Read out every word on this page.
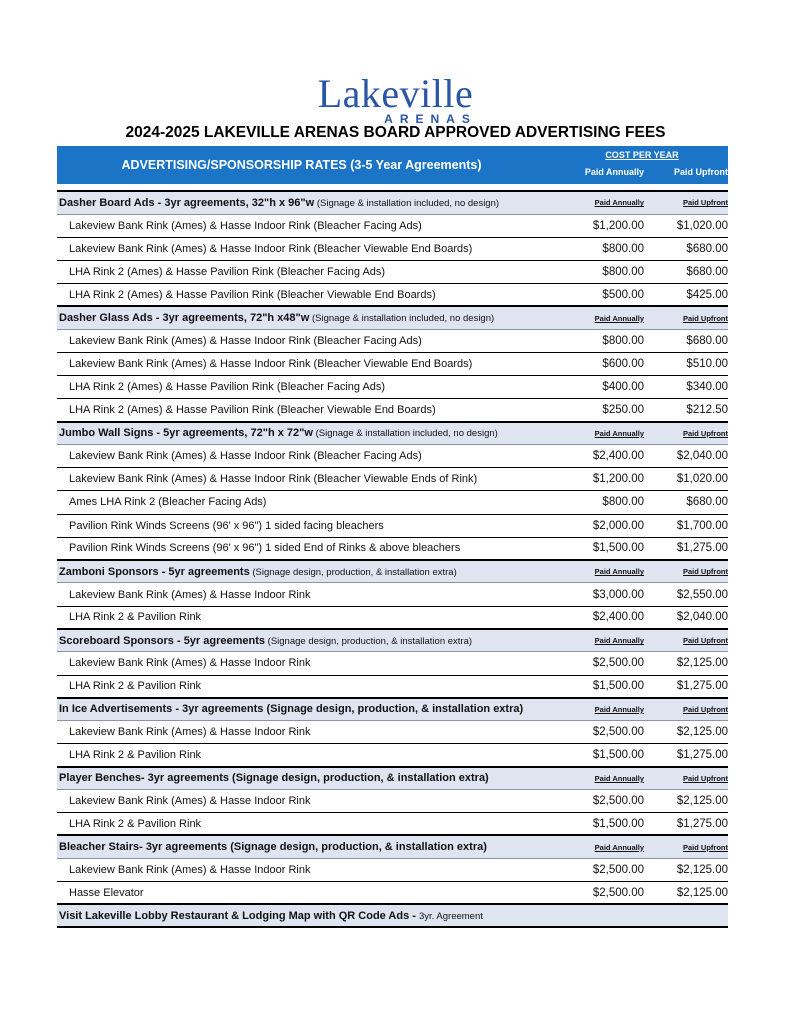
Lakeville
ARENAS
2024-2025 LAKEVILLE ARENAS BOARD APPROVED ADVERTISING FEES
ADVERTISING/SPONSORSHIP RATES (3-5 Year Agreements)
COST PER YEAR
Paid Annually	Paid Upfront
Dasher Board Ads - 3yr agreements, 32"h x 96"w (Signage & installation included, no design)	Paid Annually	Paid Upfront
Lakeview Bank Rink (Ames) & Hasse Indoor Rink (Bleacher Facing Ads)	$1,200.00	$1,020.00
Lakeview Bank Rink (Ames) & Hasse Indoor Rink (Bleacher Viewable End Boards)	$800.00	$680.00
LHA Rink 2 (Ames) & Hasse Pavilion Rink (Bleacher Facing Ads)	$800.00	$680.00
LHA Rink 2 (Ames) & Hasse Pavilion Rink (Bleacher Viewable End Boards)	$500.00	$425.00
Dasher Glass Ads - 3yr agreements, 72"h x48"w (Signage & installation included, no design)	Paid Annually	Paid Upfront
Lakeview Bank Rink (Ames) & Hasse Indoor Rink (Bleacher Facing Ads)	$800.00	$680.00
Lakeview Bank Rink (Ames) & Hasse Indoor Rink (Bleacher Viewable End Boards)	$600.00	$510.00
LHA Rink 2 (Ames) & Hasse Pavilion Rink (Bleacher Facing Ads)	$400.00	$340.00
LHA Rink 2 (Ames) & Hasse Pavilion Rink (Bleacher Viewable End Boards)	$250.00	$212.50
Jumbo Wall Signs - 5yr agreements, 72"h x 72"w (Signage & installation included, no design)	Paid Annually	Paid Upfront
Lakeview Bank Rink (Ames) & Hasse Indoor Rink (Bleacher Facing Ads)	$2,400.00	$2,040.00
Lakeview Bank Rink (Ames) & Hasse Indoor Rink (Bleacher Viewable Ends of Rink)	$1,200.00	$1,020.00
Ames LHA Rink 2 (Bleacher Facing Ads)	$800.00	$680.00
Pavilion Rink Winds Screens (96' x 96") 1 sided facing bleachers	$2,000.00	$1,700.00
Pavilion Rink Winds Screens (96' x 96") 1 sided End of Rinks & above bleachers	$1,500.00	$1,275.00
Zamboni Sponsors - 5yr agreements (Signage design, production, & installation extra)	Paid Annually	Paid Upfront
Lakeview Bank Rink (Ames) & Hasse Indoor Rink	$3,000.00	$2,550.00
LHA Rink 2 & Pavilion Rink	$2,400.00	$2,040.00
Scoreboard Sponsors - 5yr agreements (Signage design, production, & installation extra)	Paid Annually	Paid Upfront
Lakeview Bank Rink (Ames) & Hasse Indoor Rink	$2,500.00	$2,125.00
LHA Rink 2 & Pavilion Rink	$1,500.00	$1,275.00
In Ice Advertisements - 3yr agreements (Signage design, production, & installation extra)	Paid Annually	Paid Upfront
Lakeview Bank Rink (Ames) & Hasse Indoor Rink	$2,500.00	$2,125.00
LHA Rink 2 & Pavilion Rink	$1,500.00	$1,275.00
Player Benches- 3yr agreements (Signage design, production, & installation extra)	Paid Annually	Paid Upfront
Lakeview Bank Rink (Ames) & Hasse Indoor Rink	$2,500.00	$2,125.00
LHA Rink 2 & Pavilion Rink	$1,500.00	$1,275.00
Bleacher Stairs- 3yr agreements (Signage design, production, & installation extra)	Paid Annually	Paid Upfront
Lakeview Bank Rink (Ames) & Hasse Indoor Rink	$2,500.00	$2,125.00
Hasse Elevator	$2,500.00	$2,125.00
Visit Lakeville Lobby Restaurant & Lodging Map with QR Code Ads - 3yr. Agreement
